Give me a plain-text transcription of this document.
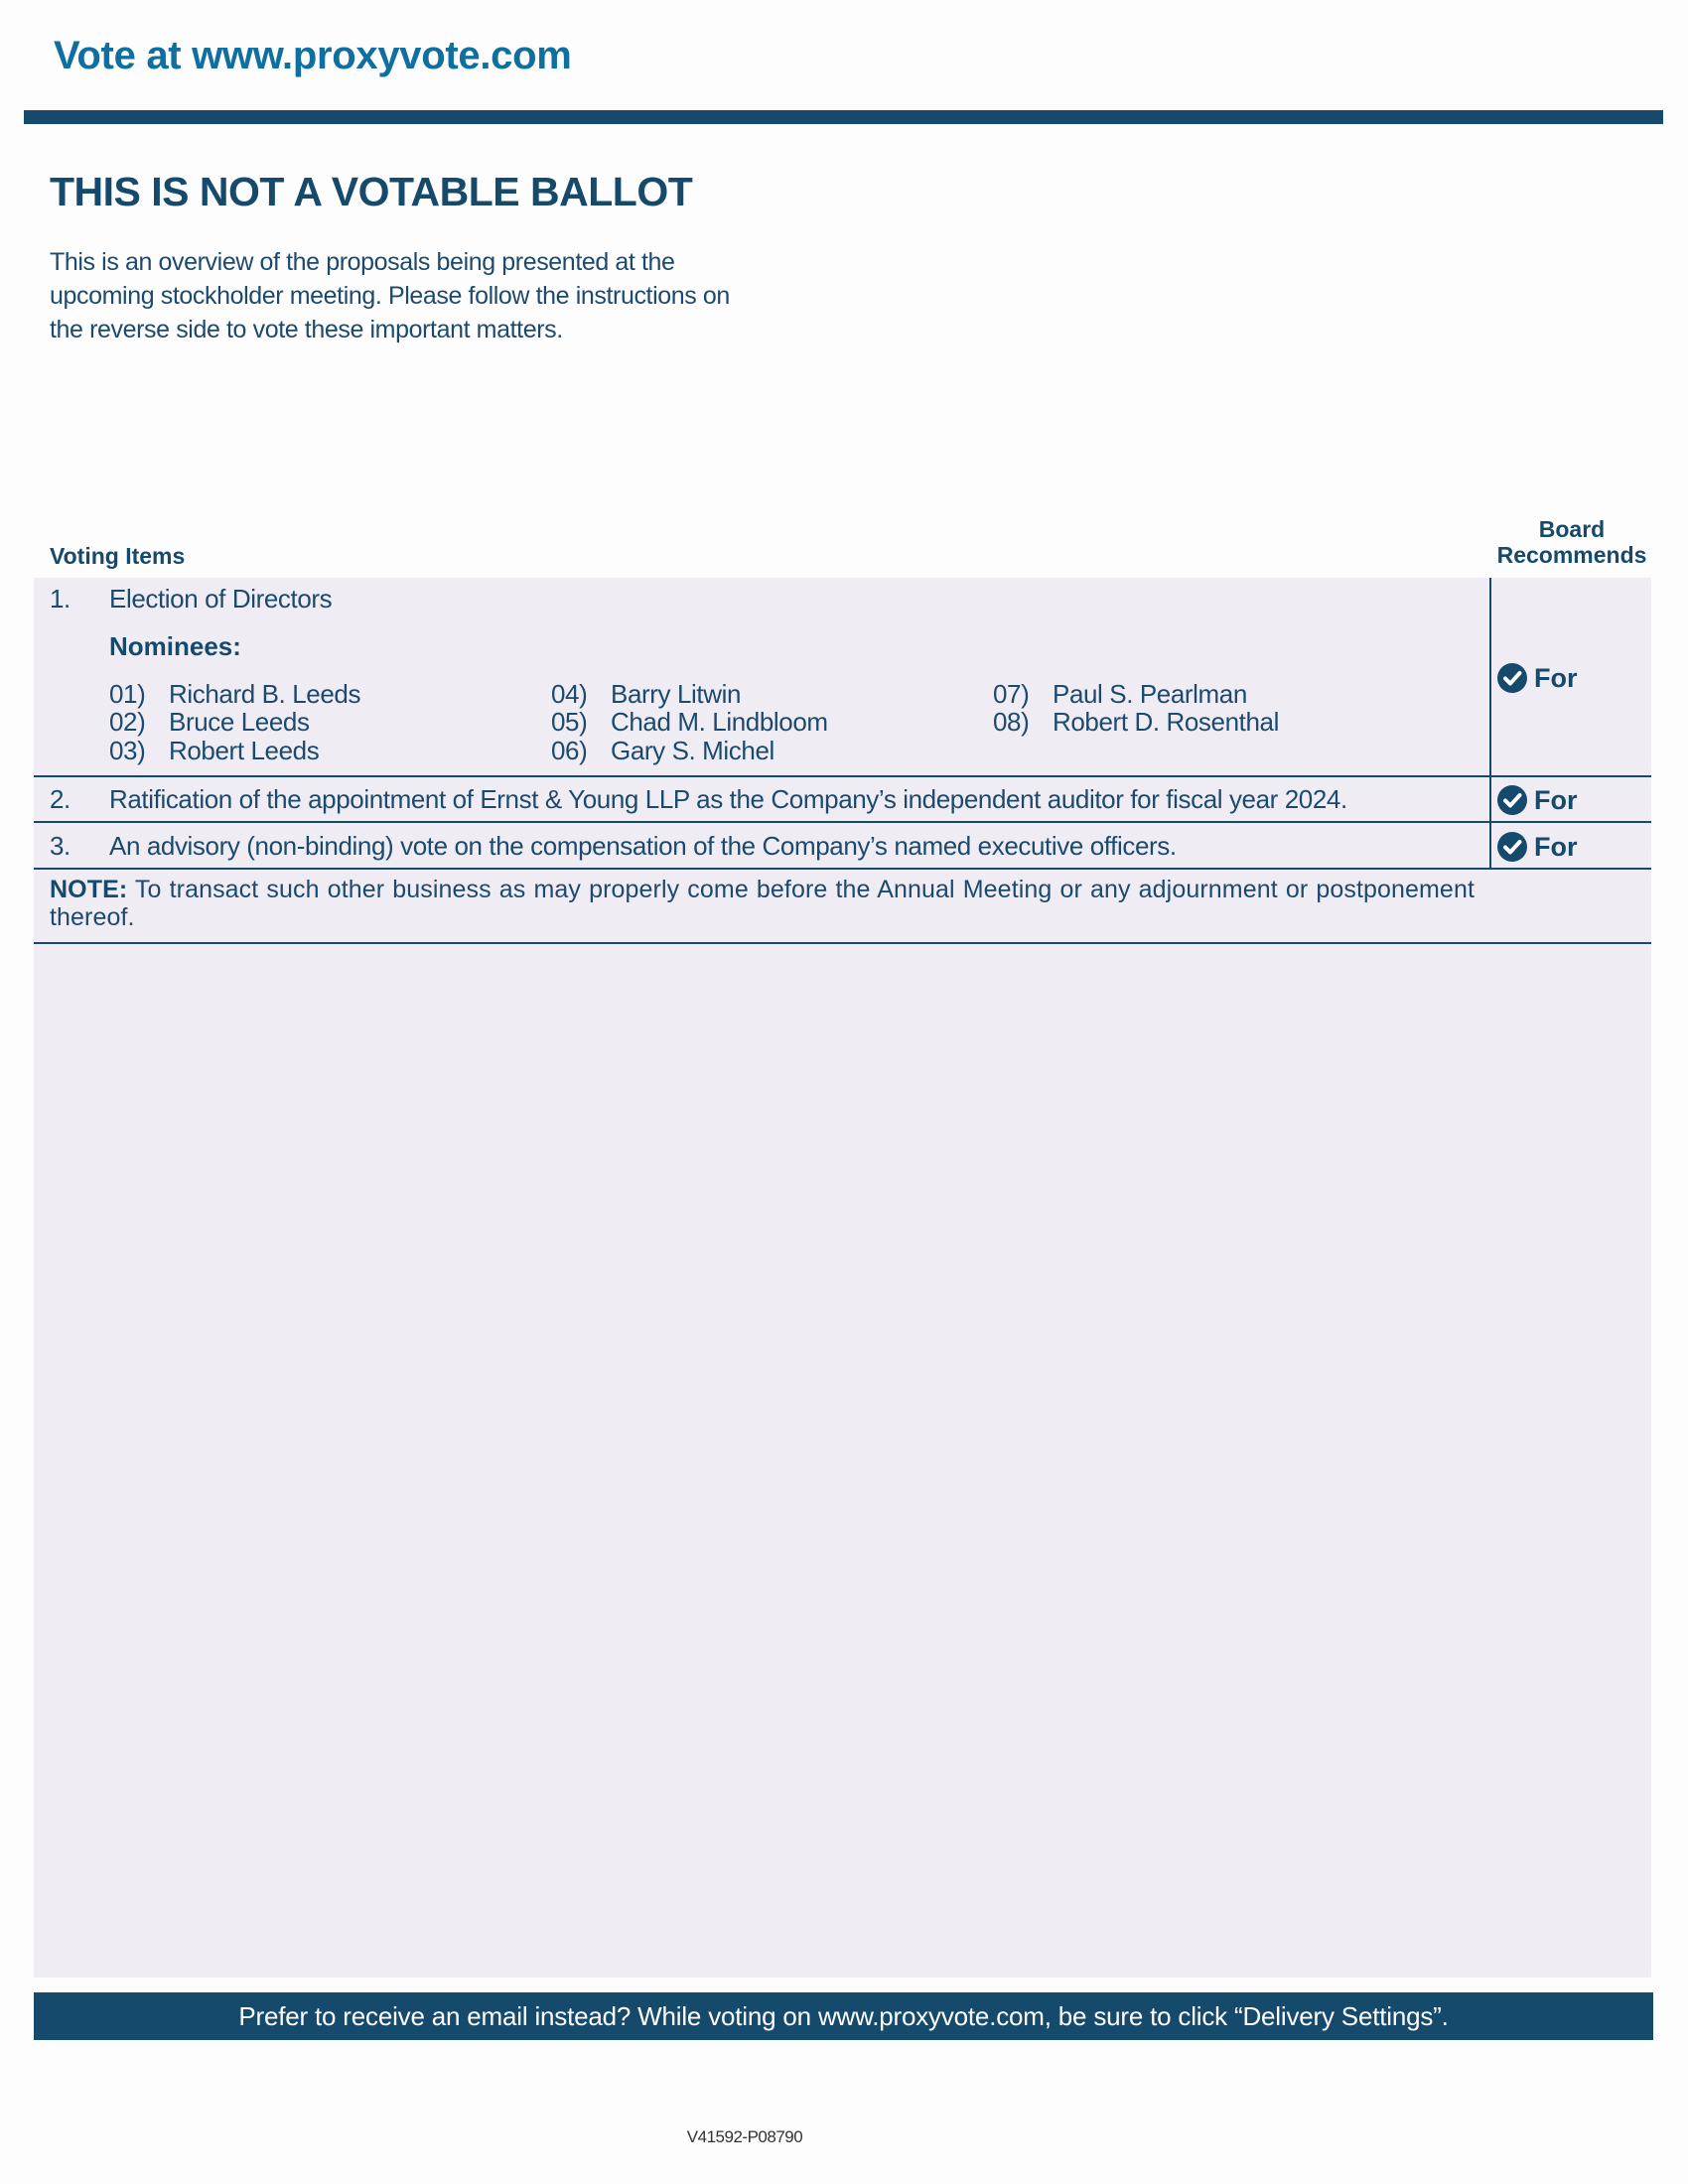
Vote at www.proxyvote.com
THIS IS NOT A VOTABLE BALLOT
This is an overview of the proposals being presented at the
upcoming stockholder meeting. Please follow the instructions on
the reverse side to vote these important matters.
Voting Items
Board
Recommends
1. Election of Directors
Nominees:
01) Richard B. Leeds
02) Bruce Leeds
03) Robert Leeds
04) Barry Litwin
05) Chad M. Lindbloom
06) Gary S. Michel
07) Paul S. Pearlman
08) Robert D. Rosenthal
For
2. Ratification of the appointment of Ernst & Young LLP as the Company’s independent auditor for fiscal year 2024.	For
3. An advisory (non-binding) vote on the compensation of the Company’s named executive officers.	For
NOTE: To transact such other business as may properly come before the Annual Meeting or any adjournment or postponement thereof.
Prefer to receive an email instead? While voting on www.proxyvote.com, be sure to click “Delivery Settings”.
V41592-P08790
